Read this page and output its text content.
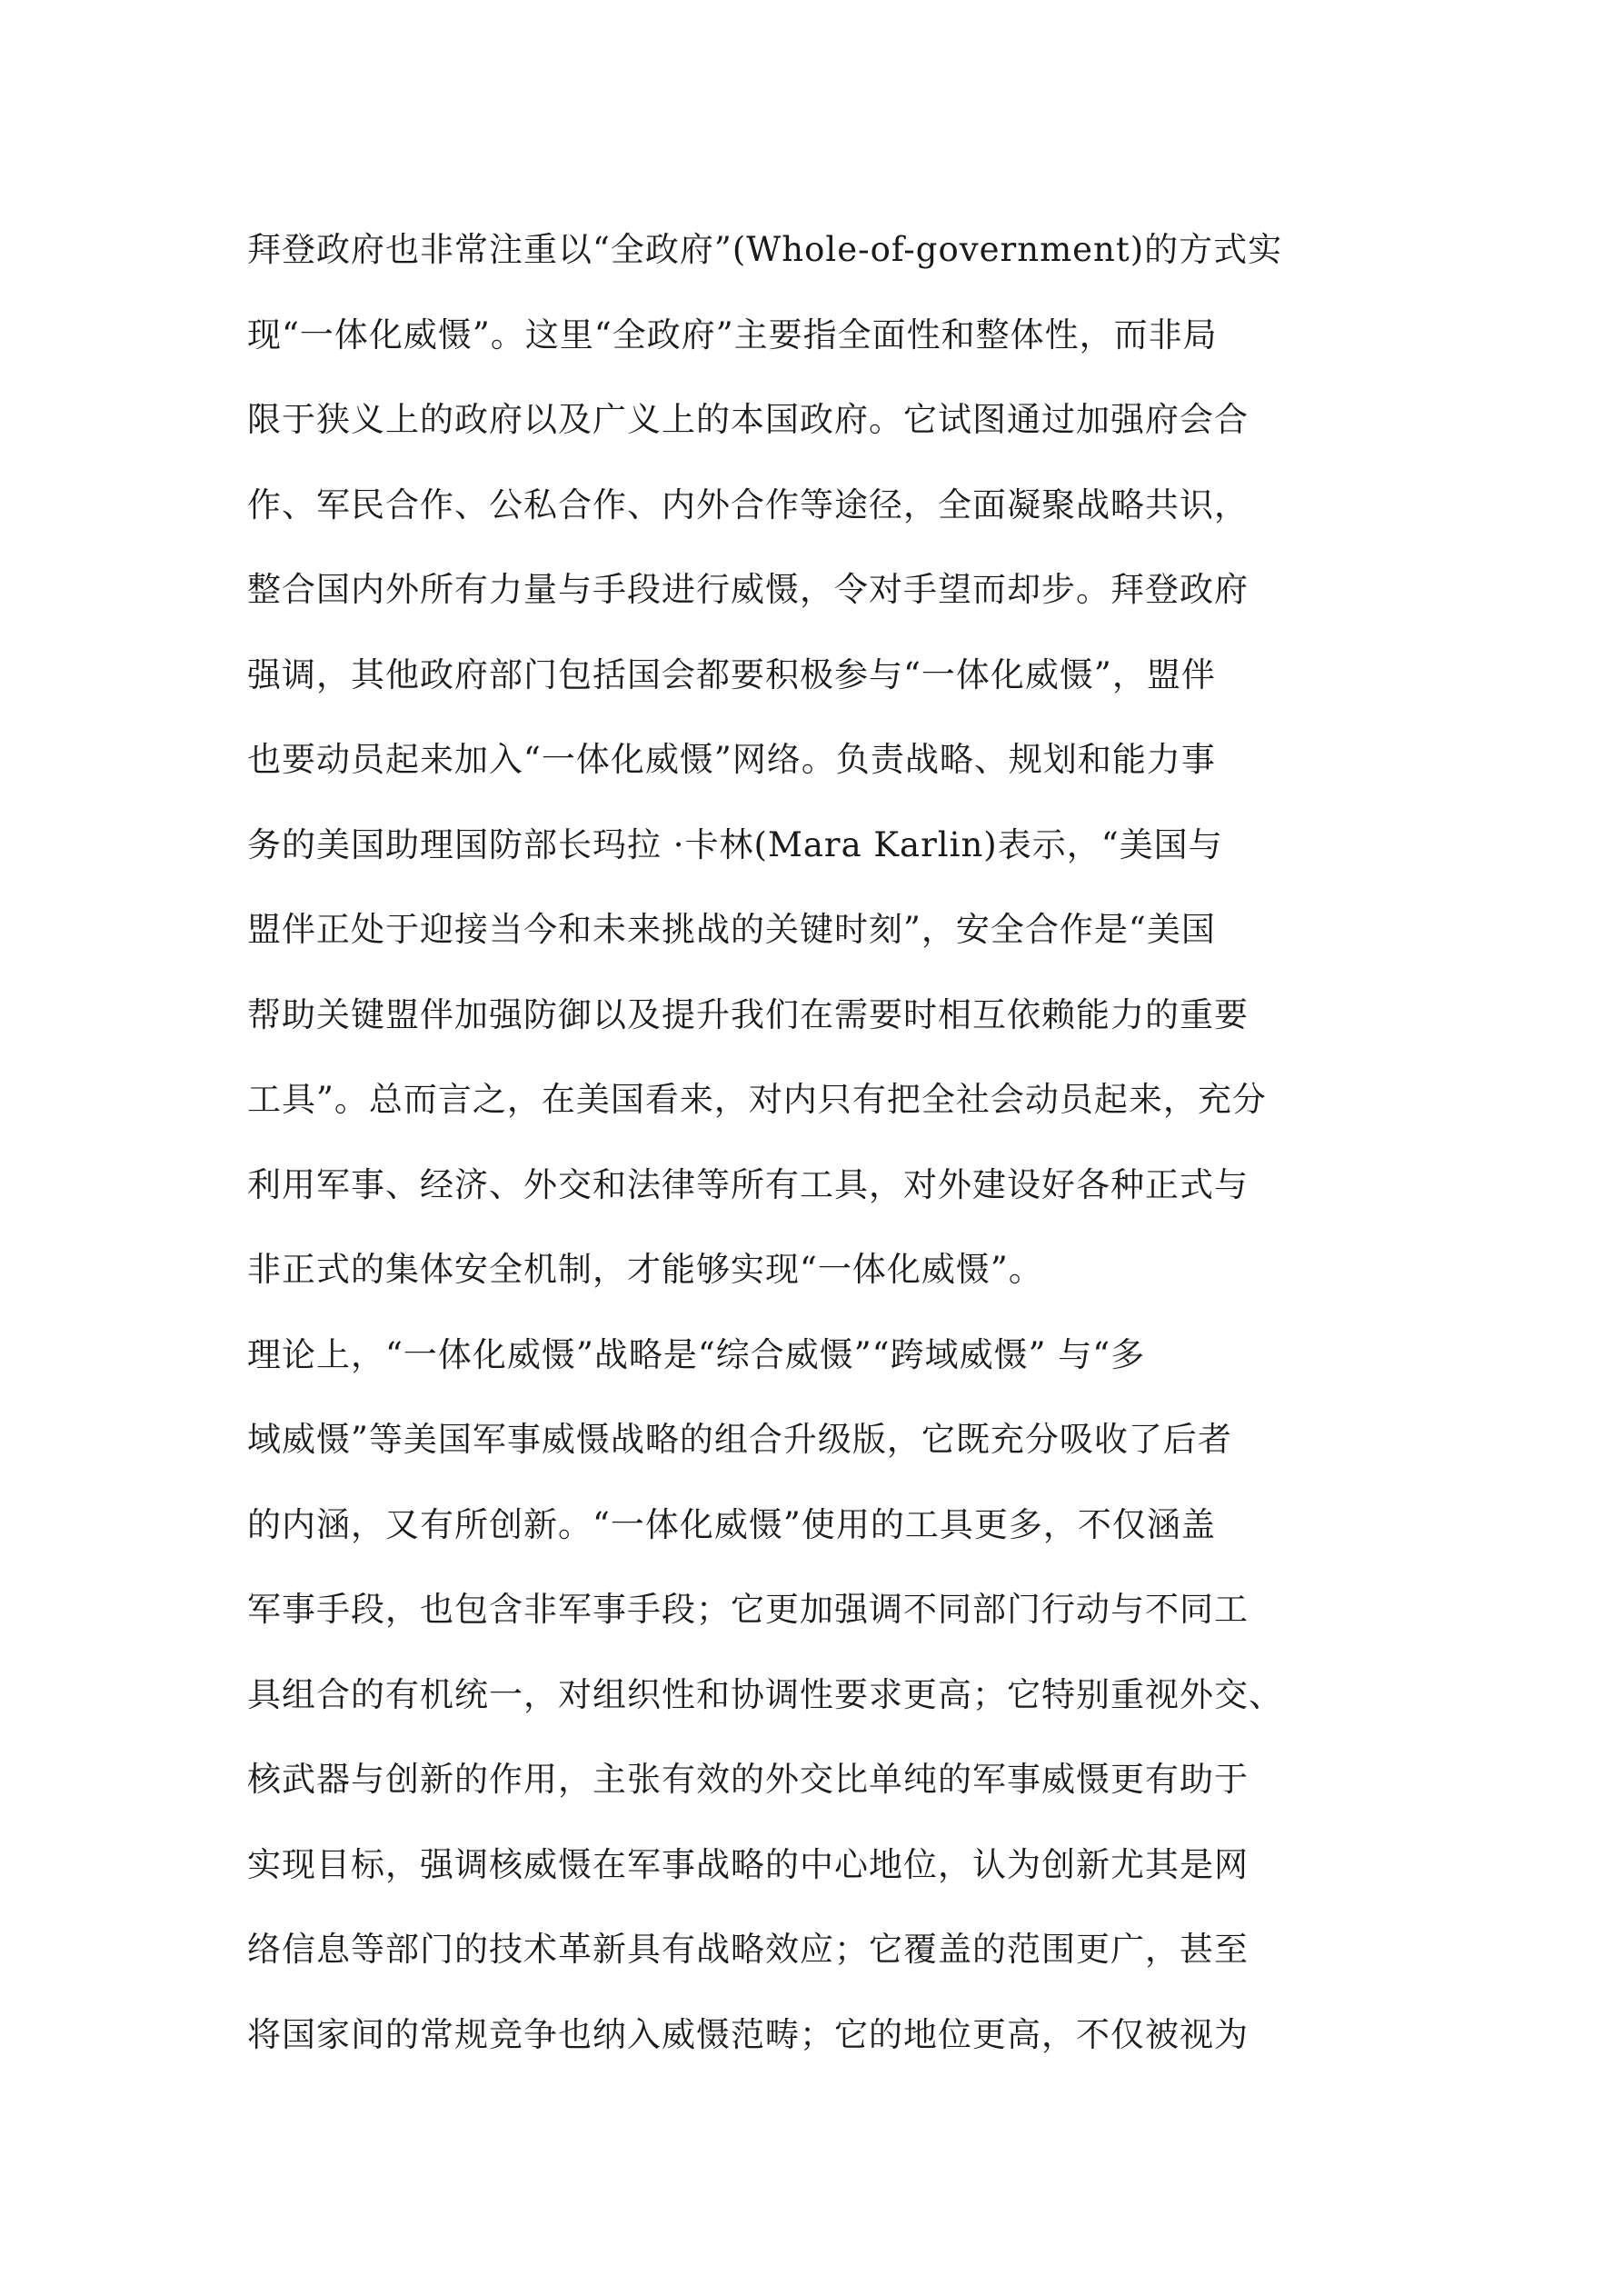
拜登政府也非常注重以“全政府”(Whole-of-government)的方式实
现“一体化威慑”。这里“全政府”主要指全面性和整体性，而非局
限于狭义上的政府以及广义上的本国政府。它试图通过加强府会合
作、军民合作、公私合作、内外合作等途径，全面凝聚战略共识，
整合国内外所有力量与手段进行威慑，令对手望而却步。拜登政府
强调，其他政府部门包括国会都要积极参与“一体化威慑”，盟伴
也要动员起来加入“一体化威慑”网络。负责战略、规划和能力事
务的美国助理国防部长玛拉 ·卡林(Mara Karlin)表示，“美国与
盟伴正处于迎接当今和未来挑战的关键时刻”，安全合作是“美国
帮助关键盟伴加强防御以及提升我们在需要时相互依赖能力的重要
工具”。总而言之，在美国看来，对内只有把全社会动员起来，充分
利用军事、经济、外交和法律等所有工具，对外建设好各种正式与
非正式的集体安全机制，才能够实现“一体化威慑”。
理论上，“一体化威慑”战略是“综合威慑”“跨域威慑” 与“多
域威慑”等美国军事威慑战略的组合升级版，它既充分吸收了后者
的内涵，又有所创新。“一体化威慑”使用的工具更多，不仅涵盖
军事手段，也包含非军事手段；它更加强调不同部门行动与不同工
具组合的有机统一，对组织性和协调性要求更高；它特别重视外交、
核武器与创新的作用，主张有效的外交比单纯的军事威慑更有助于
实现目标，强调核威慑在军事战略的中心地位，认为创新尤其是网
络信息等部门的技术革新具有战略效应；它覆盖的范围更广，甚至
将国家间的常规竞争也纳入威慑范畴；它的地位更高，不仅被视为
